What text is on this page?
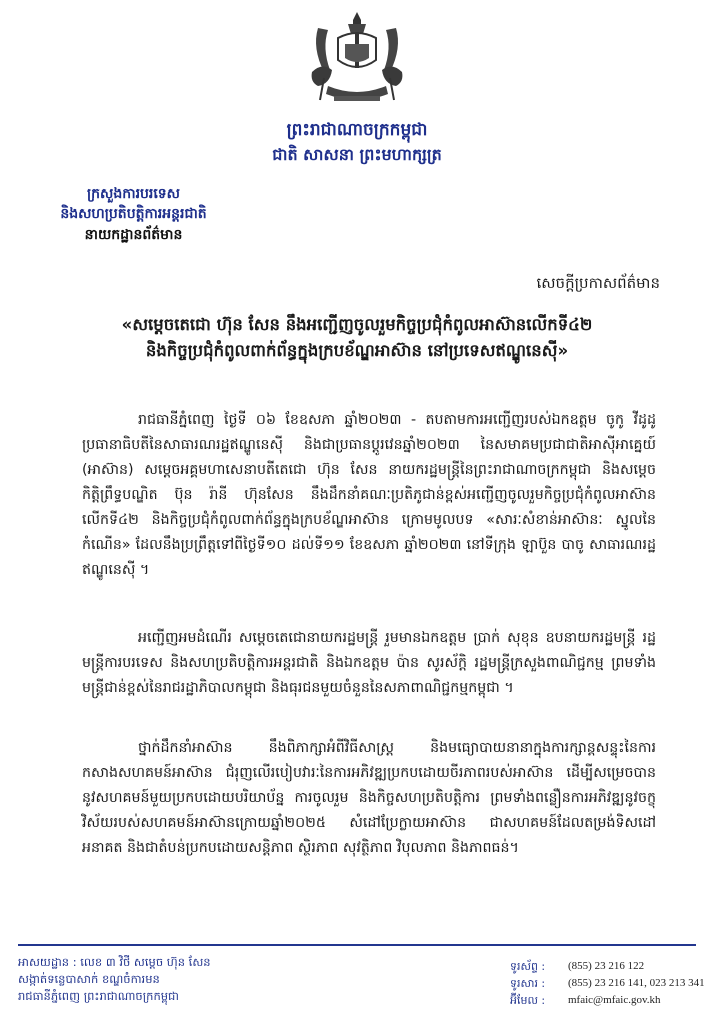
ព្រះរាជាណាចក្រកម្ពុជា
ជាតិ សាសនា ព្រះមហាក្សត្រ
ក្រសួងការបរទេស
និងសហប្រតិបត្តិការអន្តរជាតិ
នាយកដ្ឋានព័ត៌មាន
សេចក្តីប្រកាសព័ត៌មាន
«សម្តេចតេជោ ហ៊ុន សែន នឹងអញ្ជើញចូលរួមកិច្ចប្រជុំកំពូលអាស៊ានលើកទី៤២
និងកិច្ចប្រជុំកំពូលពាក់ព័ន្ធក្នុងក្របខ័ណ្ឌអាស៊ាន នៅប្រទេសឥណ្ឌូនេស៊ី»
រាជធានីភ្នំពេញ ថ្ងៃទី ០៦ ខែឧសភា ឆ្នាំ២០២៣ - តបតាមការអញ្ជើញរបស់ឯកឧត្តម ចូកូ វីដូដូ ប្រធានាធិបតីនៃសាធារណរដ្ឋឥណ្ឌូនេស៊ី និងជាប្រធានប្តូរវេនឆ្នាំ២០២៣ នៃសមាគមប្រជាជាតិអាស៊ីអាគ្នេយ៍ (អាស៊ាន) សម្តេចអគ្គមហាសេនាបតីតេជោ ហ៊ុន សែន នាយករដ្ឋមន្ត្រីនៃព្រះរាជាណាចក្រកម្ពុជា និងសម្តេចកិត្តិព្រឹទ្ធបណ្ឌិត ប៊ុន រ៉ានី ហ៊ុនសែន នឹងដឹកនាំគណៈប្រតិភូជាន់ខ្ពស់អញ្ជើញចូលរួមកិច្ចប្រជុំកំពូលអាស៊ានលើកទី៤២ និងកិច្ចប្រជុំកំពូលពាក់ព័ន្ធក្នុងក្របខ័ណ្ឌអាស៊ាន ក្រោមមូលបទ «សារៈសំខាន់អាស៊ានៈ ស្នូលនៃកំណើន» ដែលនឹងប្រព្រឹត្តទៅពីថ្ងៃទី១០ ដល់ទី១១ ខែឧសភា ឆ្នាំ២០២៣ នៅទីក្រុង ឡាប៊ួន បាចូ សាធារណរដ្ឋឥណ្ឌូនេស៊ី ។
អញ្ជើញអមដំណើរ សម្តេចតេជោនាយករដ្ឋមន្ត្រី រួមមានឯកឧត្តម ប្រាក់ សុខុន ឧបនាយករដ្ឋមន្ត្រី រដ្ឋមន្ត្រីការបរទេស និងសហប្រតិបត្តិការអន្តរជាតិ និងឯកឧត្តម ប៉ាន សូរស័ក្តិ រដ្ឋមន្ត្រីក្រសួងពាណិជ្ជកម្ម ព្រមទាំងមន្ត្រីជាន់ខ្ពស់នៃរាជរដ្ឋាភិបាលកម្ពុជា និងធុរជនមួយចំនួននៃសភាពាណិជ្ជកម្មកម្ពុជា ។
ថ្នាក់ដឹកនាំអាស៊ាន នឹងពិភាក្សាអំពីវិធីសាស្ត្រ និងមធ្យោបាយនានាក្នុងការក្សាន្តសន្ទុះនៃការកសាងសហគមន៍អាស៊ាន ជំរុញលើរបៀបវារៈនៃការអភិវឌ្ឍប្រកបដោយចីរភាពរបស់អាស៊ាន ដើម្បីសម្រេចបាននូវសហគមន៍មួយប្រកបដោយបរិយាប័ន្ន ការចូលរួម និងកិច្ចសហប្រតិបត្តិការ ព្រមទាំងពន្លឿនការអភិវឌ្ឍនូវចក្ខុវិស័យរបស់សហគមន៍អាស៊ានក្រោយឆ្នាំ២០២៥ សំដៅប្រែក្លាយអាស៊ាន ជាសហគមន៍ដែលតម្រង់ទិសដៅអនាគត និងជាតំបន់ប្រកបដោយសន្តិភាព ស្ថិរភាព សុវត្ថិភាព វិបុលភាព និងភាពធន់។
អាសយដ្ឋាន : លេខ ៣ វិថី សម្តេច ហ៊ុន សែន
សង្កាត់ទន្លេបាសាក់ ខណ្ឌចំការមន
រាជធានីភ្នំពេញ ព្រះរាជាណាចក្រកម្ពុជា
ទូរស័ព្ទ :	(855) 23 216 122
ទូរសារ :	(855) 23 216 141, 023 213 341
អ៊ីមែល :	mfaic@mfaic.gov.kh
